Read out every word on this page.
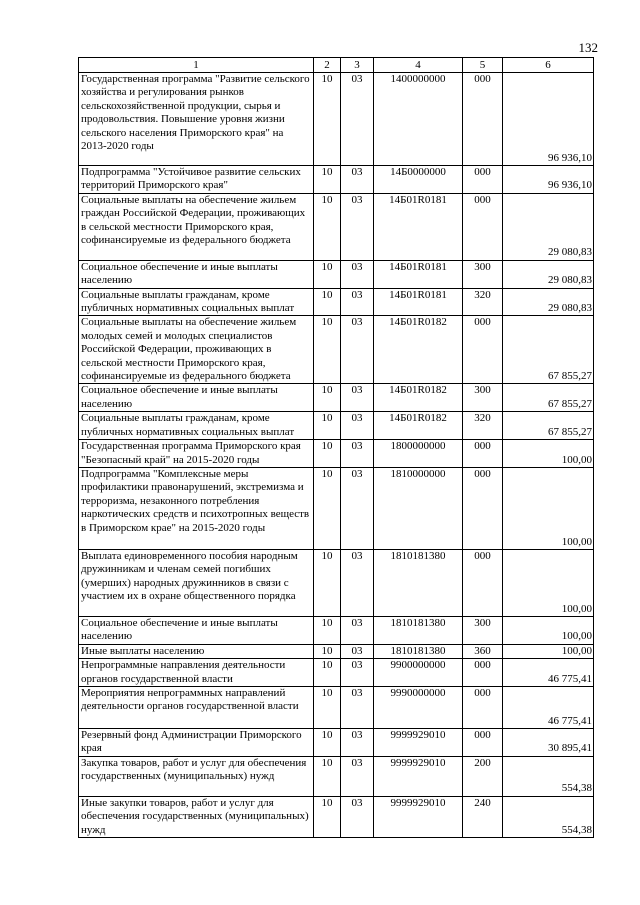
132
1	2	3	4	5	6
Государственная программа "Развитие сельского хозяйства и регулирования рынков сельскохозяйственной продукции, сырья и продовольствия. Повышение уровня жизни сельского населения Приморского края" на 2013-2020 годы	10	03	1400000000	000	96 936,10
Подпрограмма "Устойчивое развитие сельских территорий Приморского края"	10	03	14Б0000000	000	96 936,10
Социальные выплаты на обеспечение жильем граждан Российской Федерации, проживающих в сельской местности Приморского края, софинансируемые из федерального бюджета	10	03	14Б01R0181	000	29 080,83
Социальное обеспечение и иные выплаты населению	10	03	14Б01R0181	300	29 080,83
Социальные выплаты гражданам, кроме публичных нормативных социальных выплат	10	03	14Б01R0181	320	29 080,83
Социальные выплаты на обеспечение жильем молодых семей и молодых специалистов Российской Федерации, проживающих в сельской местности Приморского края, софинансируемые из федерального бюджета	10	03	14Б01R0182	000	67 855,27
Социальное обеспечение и иные выплаты населению	10	03	14Б01R0182	300	67 855,27
Социальные выплаты гражданам, кроме публичных нормативных социальных выплат	10	03	14Б01R0182	320	67 855,27
Государственная программа Приморского края "Безопасный край" на 2015-2020 годы	10	03	1800000000	000	100,00
Подпрограмма "Комплексные меры профилактики правонарушений, экстремизма и терроризма, незаконного потребления наркотических средств и психотропных веществ в Приморском крае" на 2015-2020 годы	10	03	1810000000	000	100,00
Выплата единовременного пособия народным дружинникам и членам семей погибших (умерших) народных дружинников в связи с участием их в охране общественного порядка	10	03	1810181380	000	100,00
Социальное обеспечение и иные выплаты населению	10	03	1810181380	300	100,00
Иные выплаты населению	10	03	1810181380	360	100,00
Непрограммные направления деятельности органов государственной власти	10	03	9900000000	000	46 775,41
Мероприятия непрограммных направлений деятельности органов государственной власти	10	03	9990000000	000	46 775,41
Резервный фонд Администрации Приморского края	10	03	9999929010	000	30 895,41
Закупка товаров, работ и услуг для обеспечения государственных (муниципальных) нужд	10	03	9999929010	200	554,38
Иные закупки товаров, работ и услуг для обеспечения государственных (муниципальных) нужд	10	03	9999929010	240	554,38
